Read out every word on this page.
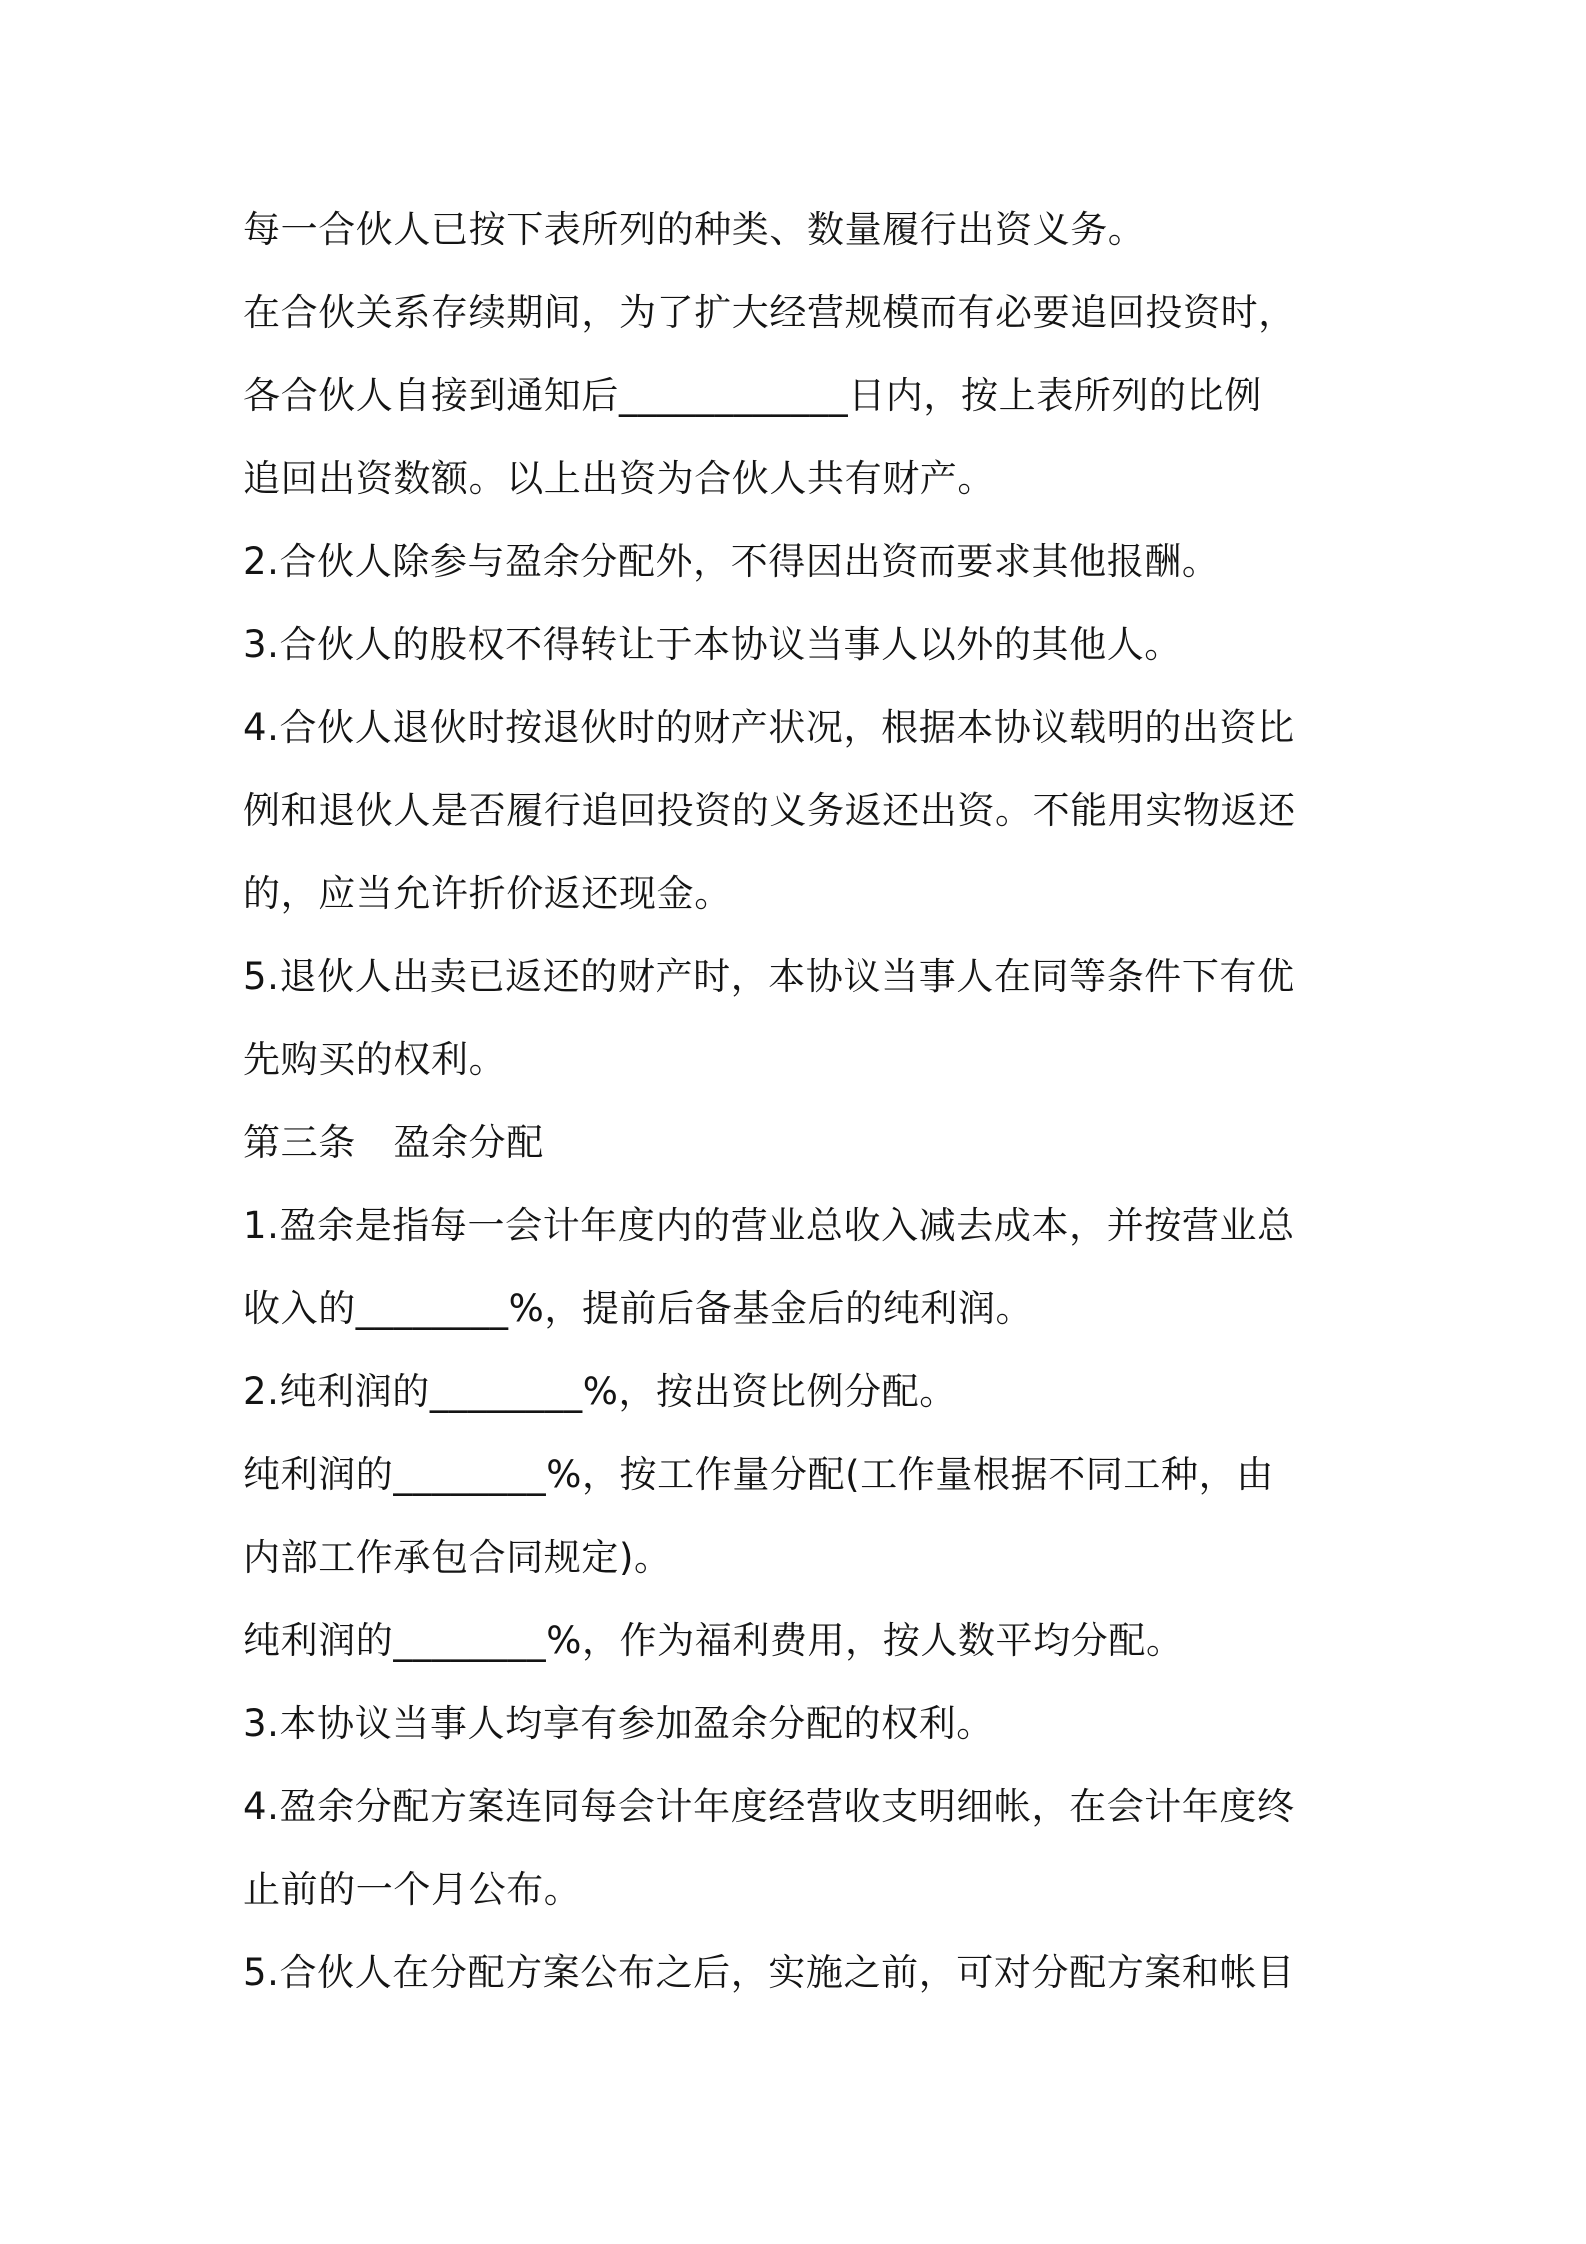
每一合伙人已按下表所列的种类、数量履行出资义务。

在合伙关系存续期间，为了扩大经营规模而有必要追回投资时，

各合伙人自接到通知后____________日内，按上表所列的比例

追回出资数额。以上出资为合伙人共有财产。

2.合伙人除参与盈余分配外，不得因出资而要求其他报酬。

3.合伙人的股权不得转让于本协议当事人以外的其他人。

4.合伙人退伙时按退伙时的财产状况，根据本协议载明的出资比

例和退伙人是否履行追回投资的义务返还出资。不能用实物返还

的，应当允许折价返还现金。

5.退伙人出卖已返还的财产时，本协议当事人在同等条件下有优

先购买的权利。

第三条　盈余分配

1.盈余是指每一会计年度内的营业总收入减去成本，并按营业总

收入的________%，提前后备基金后的纯利润。

2.纯利润的________%，按出资比例分配。

纯利润的________%，按工作量分配(工作量根据不同工种，由

内部工作承包合同规定)。

纯利润的________%，作为福利费用，按人数平均分配。

3.本协议当事人均享有参加盈余分配的权利。

4.盈余分配方案连同每会计年度经营收支明细帐，在会计年度终

止前的一个月公布。

5.合伙人在分配方案公布之后，实施之前，可对分配方案和帐目
